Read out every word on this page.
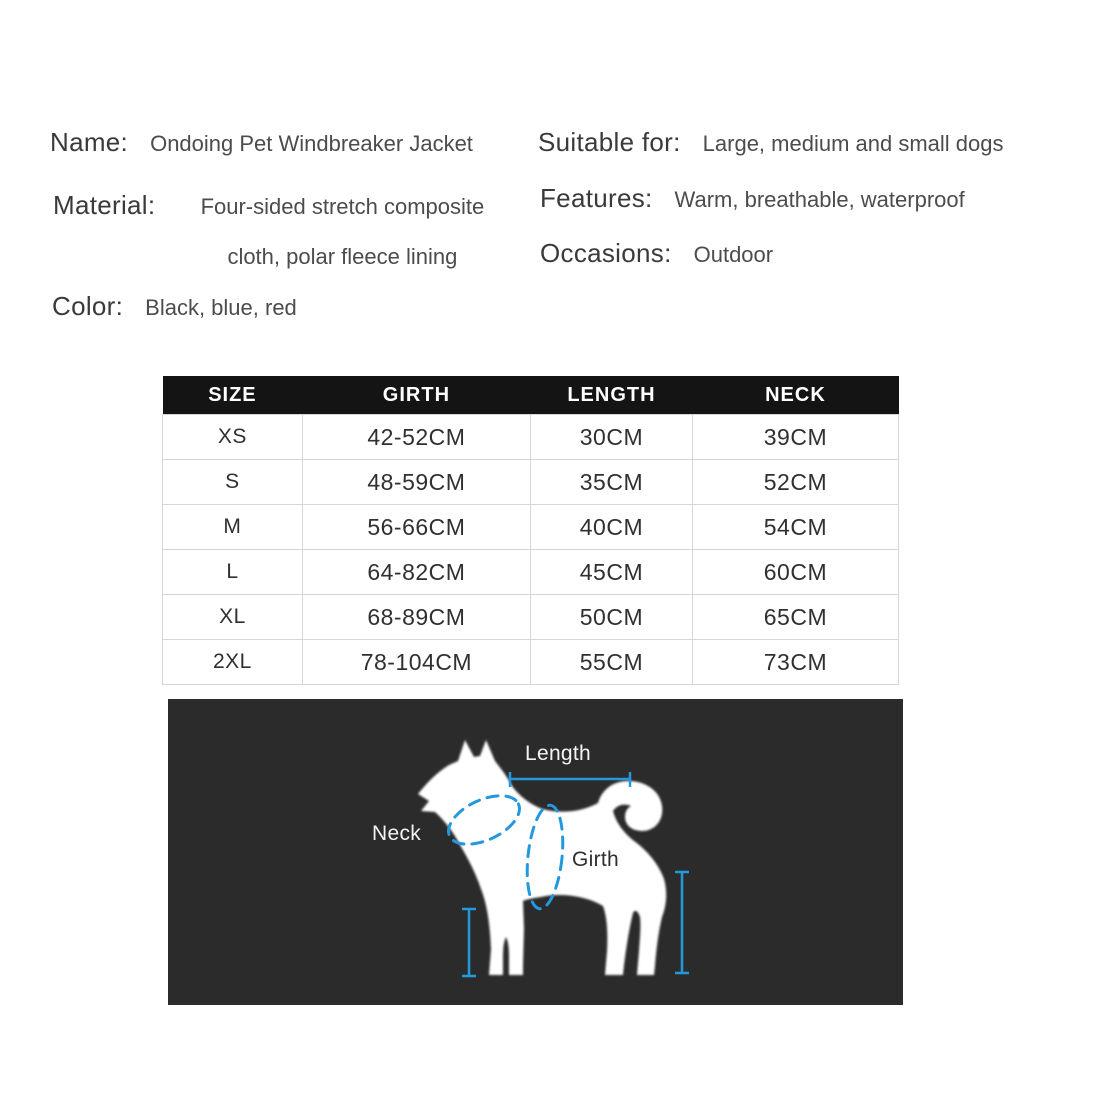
Name: Ondoing Pet Windbreaker Jacket
Material:	Four-sided stretch composite cloth, polar fleece lining
Color: Black, blue, red
Suitable for: Large, medium and small dogs
Features: Warm, breathable, waterproof
Occasions: Outdoor
SIZE	GIRTH	LENGTH	NECK
XS	42-52CM	30CM	39CM
S	48-59CM	35CM	52CM
M	56-66CM	40CM	54CM
L	64-82CM	45CM	60CM
XL	68-89CM	50CM	65CM
2XL	78-104CM	55CM	73CM
Length
Neck
Girth
